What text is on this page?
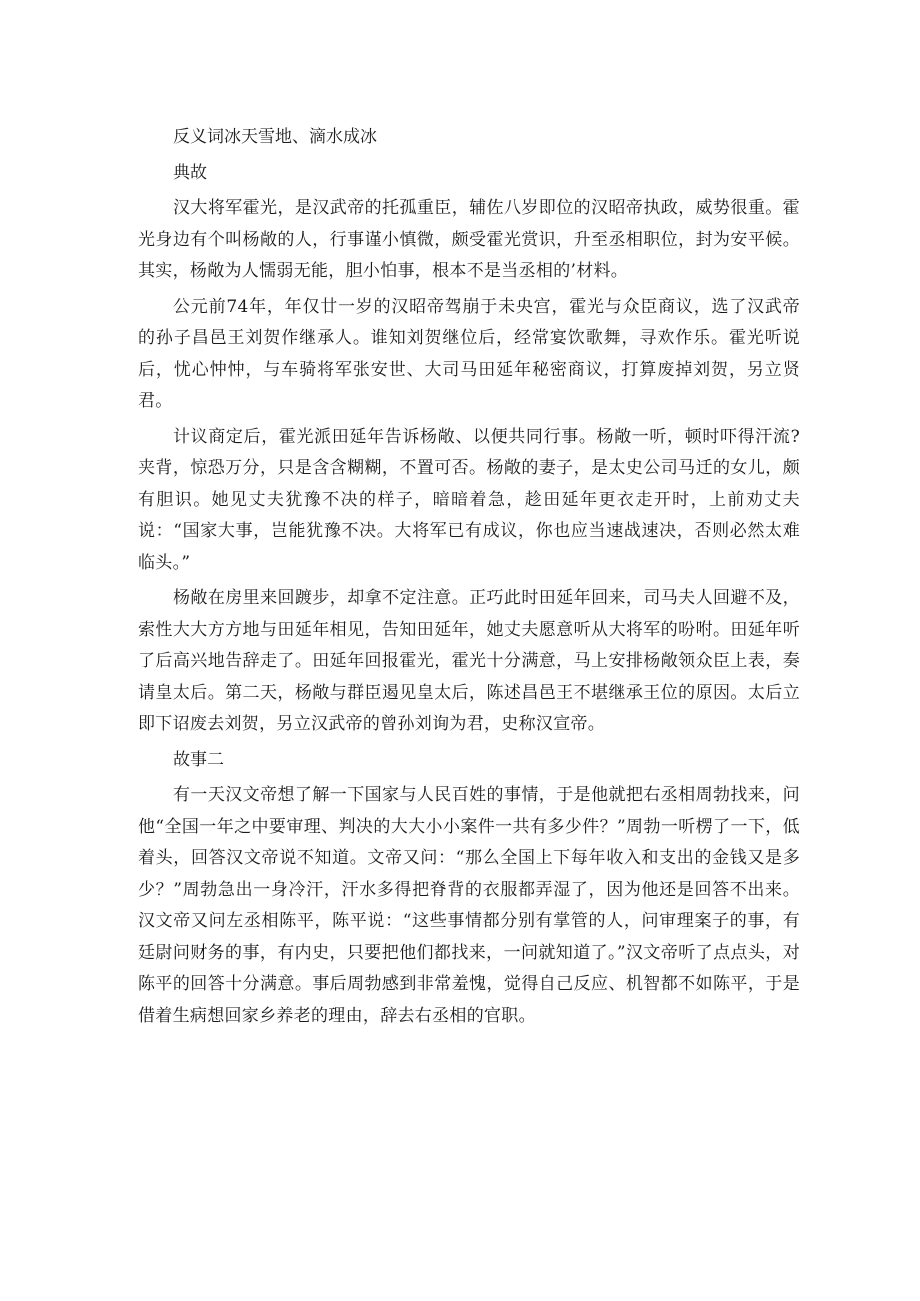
反义词冰天雪地、滴水成冰

典故

汉大将军霍光，是汉武帝的托孤重臣，辅佐八岁即位的汉昭帝执政，威势很重。霍光身边有个叫杨敞的人，行事谨小慎微，颇受霍光赏识，升至丞相职位，封为安平候。其实，杨敞为人懦弱无能，胆小怕事，根本不是当丞相的’材料。

公元前74年，年仅廿一岁的汉昭帝驾崩于未央宫，霍光与众臣商议，选了汉武帝的孙子昌邑王刘贺作继承人。谁知刘贺继位后，经常宴饮歌舞，寻欢作乐。霍光听说后，忧心忡忡，与车骑将军张安世、大司马田延年秘密商议，打算废掉刘贺，另立贤君。

计议商定后，霍光派田延年告诉杨敞、以便共同行事。杨敞一听，顿时吓得汗流?夹背，惊恐万分，只是含含糊糊，不置可否。杨敞的妻子，是太史公司马迁的女儿，颇有胆识。她见丈夫犹豫不决的样子，暗暗着急，趁田延年更衣走开时，上前劝丈夫说：“国家大事，岂能犹豫不决。大将军已有成议，你也应当速战速决，否则必然太难临头。”

杨敞在房里来回踱步，却拿不定注意。正巧此时田延年回来，司马夫人回避不及，索性大大方方地与田延年相见，告知田延年，她丈夫愿意听从大将军的吩咐。田延年听了后高兴地告辞走了。田延年回报霍光，霍光十分满意，马上安排杨敞领众臣上表，奏请皇太后。第二天，杨敞与群臣遏见皇太后，陈述昌邑王不堪继承王位的原因。太后立即下诏废去刘贺，另立汉武帝的曾孙刘询为君，史称汉宣帝。

故事二

有一天汉文帝想了解一下国家与人民百姓的事情，于是他就把右丞相周勃找来，问他“全国一年之中要审理、判决的大大小小案件一共有多少件？”周勃一听楞了一下，低着头，回答汉文帝说不知道。文帝又问：“那么全国上下每年收入和支出的金钱又是多少？”周勃急出一身冷汗，汗水多得把脊背的衣服都弄湿了，因为他还是回答不出来。汉文帝又问左丞相陈平，陈平说：“这些事情都分别有掌管的人，问审理案子的事，有廷尉问财务的事，有内史，只要把他们都找来，一问就知道了。”汉文帝听了点点头，对陈平的回答十分满意。事后周勃感到非常羞愧，觉得自己反应、机智都不如陈平，于是借着生病想回家乡养老的理由，辞去右丞相的官职。
